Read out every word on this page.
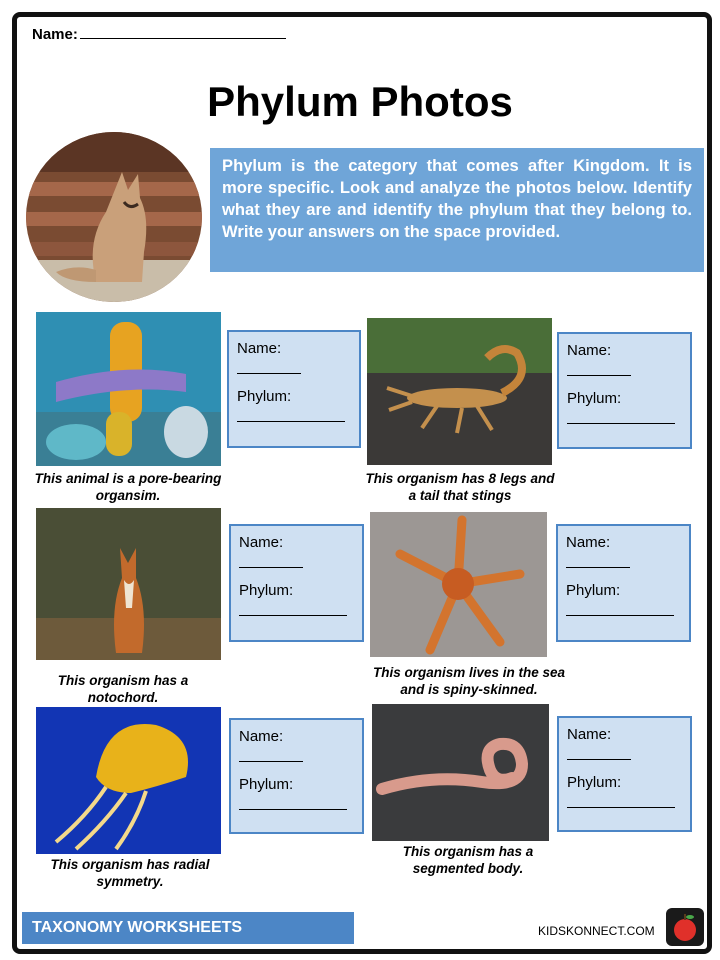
Name:
Phylum Photos
Phylum is the category that comes after Kingdom. It is more specific. Look and analyze the photos below. Identify what they are and identify the phylum that they belong to. Write your answers on the space provided.
Name:
Phylum:
This animal is a pore-bearing organsim.
Name:
Phylum:
This organism has 8 legs and a tail that stings
Name:
Phylum:
This organism has a notochord.
Name:
Phylum:
This organism lives in the sea and is spiny-skinned.
Name:
Phylum:
This organism has radial symmetry.
Name:
Phylum:
This organism has a segmented body.
TAXONOMY WORKSHEETS	KIDSKONNECT.COM
